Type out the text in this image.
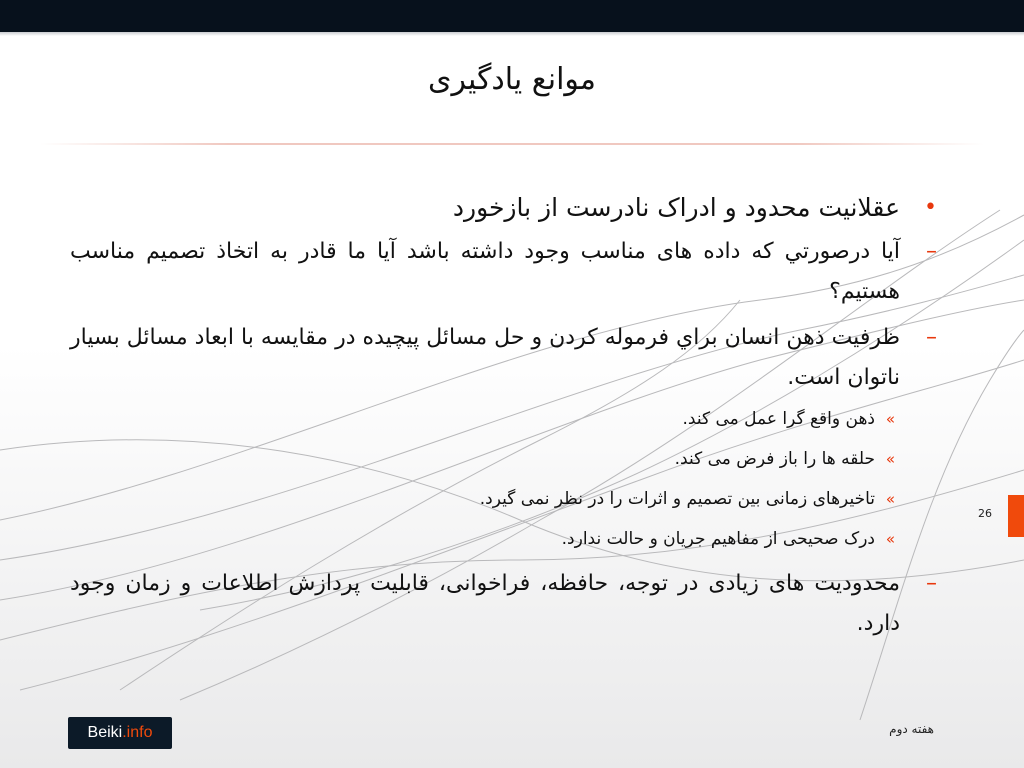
موانع یادگیری
•
عقلانیت محدود و ادراک نادرست از بازخورد
–
آیا درصورتي كه داده های مناسب وجود داشته باشد آیا ما قادر به اتخاذ تصمیم مناسب هستیم؟
–
ظرفيت ذهن انسان براي فرموله كردن و حل مسائل پيچيده در مقايسه با ابعاد مسائل بسيار ناتوان است.
»
ذهن واقع گرا عمل می کند.
»
حلقه ها را باز فرض می کند.
»
تاخیرهای زمانی بین تصمیم و اثرات را در نظر نمی گیرد.
»
درک صحیحی از مفاهیم جریان و حالت ندارد.
–
محدودیت های زیادی در توجه، حافظه، فراخوانی، قابلیت پردازش اطلاعات و زمان وجود دارد.
26
Beiki.info	هفته دوم
